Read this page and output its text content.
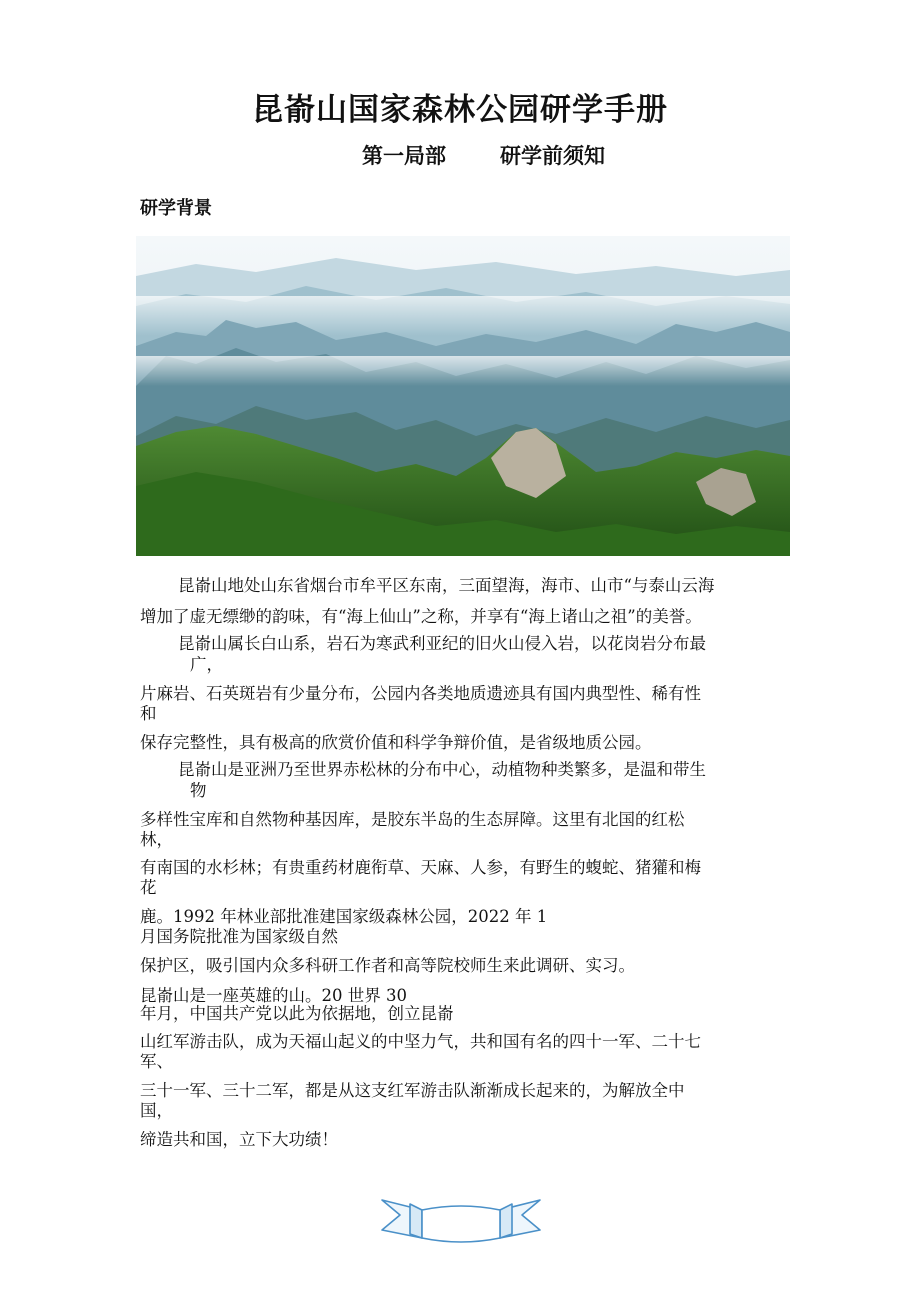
昆嵛山国家森林公园研学手册
第一局部	研学前须知
研学背景
昆嵛山地处山东省烟台市牟平区东南，三面望海，海市、山市“与泰山云海
增加了虚无缥缈的韵味，有“海上仙山”之称，并享有“海上诸山之祖”的美誉。
昆嵛山属长白山系，岩石为寒武利亚纪的旧火山侵入岩，以花岗岩分布最
广，
片麻岩、石英斑岩有少量分布，公园内各类地质遗迹具有国内典型性、稀有性
和
保存完整性，具有极高的欣赏价值和科学争辩价值，是省级地质公园。
昆嵛山是亚洲乃至世界赤松林的分布中心，动植物种类繁多，是温和带生
物
多样性宝库和自然物种基因库，是胶东半岛的生态屏障。这里有北国的红松
林，
有南国的水杉林；有贵重药材鹿衔草、天麻、人参，有野生的蝮蛇、猪獾和梅
花
鹿。1992 年林业部批准建国家级森林公园，2022 年 1
月国务院批准为国家级自然
保护区，吸引国内众多科研工作者和高等院校师生来此调研、实习。
昆嵛山是一座英雄的山。20 世界 30
年月，中国共产党以此为依据地，创立昆嵛
山红军游击队，成为天福山起义的中坚力气，共和国有名的四十一军、二十七
军、
三十一军、三十二军，都是从这支红军游击队渐渐成长起来的，为解放全中
国，
缔造共和国，立下大功绩！
